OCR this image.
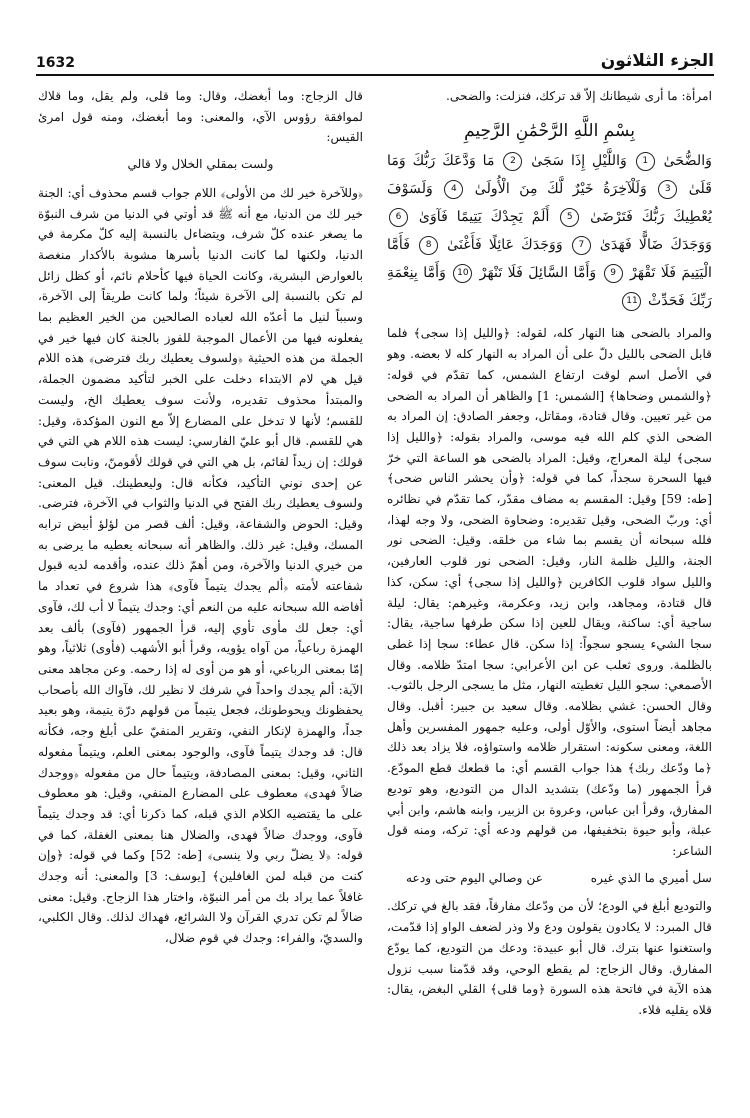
الجزء الثلاثون
1632

امرأة: ما أرى شيطانك إلاّ قد تركك، فنزلت: والضحى.

بِسْمِ اللَّهِ الرَّحْمَٰنِ الرَّحِيمِ
وَالضُّحَىٰ 1 وَاللَّيْلِ إِذَا سَجَىٰ 2 مَا وَدَّعَكَ رَبُّكَ وَمَا قَلَىٰ 3 وَلَلْآخِرَةُ خَيْرٌ لَّكَ مِنَ الْأُولَىٰ 4 وَلَسَوْفَ يُعْطِيكَ رَبُّكَ فَتَرْضَىٰ 5 أَلَمْ يَجِدْكَ يَتِيمًا فَآوَىٰ 6 وَوَجَدَكَ ضَالًّا فَهَدَىٰ 7 وَوَجَدَكَ عَائِلًا فَأَغْنَىٰ 8 فَأَمَّا الْيَتِيمَ فَلَا تَقْهَرْ 9 وَأَمَّا السَّائِلَ فَلَا تَنْهَرْ 10 وَأَمَّا بِنِعْمَةِ رَبِّكَ فَحَدِّثْ 11

والمراد بالضحى هنا النهار كله، لقوله: ﴿والليل إذا سجى﴾ فلما قابل الضحى بالليل دلّ على أن المراد به النهار كله لا بعضه. وهو في الأصل اسم لوقت ارتفاع الشمس، كما تقدّم في قوله: ﴿والشمس وضحاها﴾ [الشمس: 1] والظاهر أن المراد به الضحى من غير تعيين. وقال قتادة، ومقاتل، وجعفر الصادق: إن المراد به الضحى الذي كلم الله فيه موسى، والمراد بقوله: ﴿والليل إذا سجى﴾ ليلة المعراج، وقيل: المراد بالضحى هو الساعة التي خرّ فيها السحرة سجداً، كما في قوله: ﴿وأن يحشر الناس ضحى﴾ [طه: 59] وقيل: المقسم به مضاف مقدّر، كما تقدّم في نظائره أي: وربّ الضحى، وقيل تقديره: وضحاوة الضحى، ولا وجه لهذا، فلله سبحانه أن يقسم بما شاء من خلقه. وقيل: الضحى نور الجنة، والليل ظلمة النار، وقيل: الضحى نور قلوب العارفين، والليل سواد قلوب الكافرين ﴿والليل إذا سجى﴾ أي: سكن، كذا قال قتادة، ومجاهد، وابن زيد، وعكرمة، وغيرهم: يقال: ليلة ساجية أي: ساكنة، ويقال للعين إذا سكن طرفها ساجية، يقال: سجا الشيء يسجو سجواً: إذا سكن. قال عطاء: سجا إذا غطى بالظلمة. وروى ثعلب عن ابن الأعرابي: سجا امتدّ ظلامه. وقال الأصمعي: سجو الليل تغطيته النهار، مثل ما يسجى الرجل بالثوب. وقال الحسن: غشي بظلامه. وقال سعيد بن جبير: أقبل. وقال مجاهد أيضاً استوى، والأوّل أولى، وعليه جمهور المفسرين وأهل اللغة، ومعنى سكونه: استقرار ظلامه واستواؤه، فلا يزاد بعد ذلك ﴿ما ودّعك ربك﴾ هذا جواب القسم أي: ما قطعك قطع المودّع. قرأ الجمهور (ما ودّعك) بتشديد الدال من التوديع، وهو توديع المفارق، وقرأ ابن عباس، وعروة بن الزبير، وابنه هاشم، وابن أبي عبلة، وأبو حيوة بتخفيفها، من قولهم ودعه أي: تركه، ومنه قول الشاعر:

سل أميري ما الذي غيره
عن وصالي اليوم حتى ودعه

والتوديع أبلغ في الودع؛ لأن من ودّعك مفارقاً، فقد بالغ في تركك. قال المبرد: لا يكادون يقولون ودع ولا وذر لضعف الواو إذا قدّمت، واستغنوا عنها بترك. قال أبو عبيدة: ودعك من التوديع، كما يودّع المفارق. وقال الزجاج: لم يقطع الوحي، وقد قدّمنا سبب نزول هذه الآية في فاتحة هذه السورة ﴿وما قلى﴾ القلي البغض، يقال: قلاه يقليه قلاء.

قال الزجاج: وما أبغضك، وقال: وما قلى، ولم يقل، وما قلاك لموافقة رؤوس الآي، والمعنى: وما أبغضك، ومنه قول امرئ القيس:

ولست بمقلي الخلال ولا قالي

﴿وللآخرة خير لك من الأولى﴾ اللام جواب قسم محذوف أي: الجنة خير لك من الدنيا، مع أنه ﷺ قد أوتي في الدنيا من شرف النبوّة ما يصغر عنده كلّ شرف، ويتضاءل بالنسبة إليه كلّ مكرمة في الدنيا، ولكنها لما كانت الدنيا بأسرها مشوبة بالأكدار منغصة بالعوارض البشرية، وكانت الحياة فيها كأحلام نائم، أو كظل زائل لم تكن بالنسبة إلى الآخرة شيئاً؛ ولما كانت طريقاً إلى الآخرة، وسبباً لنيل ما أعدّه الله لعباده الصالحين من الخير العظيم بما يفعلونه فيها من الأعمال الموجبة للفوز بالجنة كان فيها خير في الجملة من هذه الحيثية ﴿ولسوف يعطيك ربك فترضى﴾ هذه اللام قيل هي لام الابتداء دخلت على الخبر لتأكيد مضمون الجملة، والمبتدأ محذوف تقديره، ولأنت سوف يعطيك الخ، وليست للقسم؛ لأنها لا تدخل على المضارع إلاّ مع النون المؤكدة، وقيل: هي للقسم. قال أبو عليّ الفارسي: ليست هذه اللام هي التي في قولك: إن زيداً لقائم، بل هي التي في قولك لأقومنّ، ونابت سوف عن إحدى نوني التأكيد، فكأنه قال: وليعطينك. قيل المعنى: ولسوف يعطيك ربك الفتح في الدنيا والثواب في الآخرة، فترضى. وقيل: الحوض والشفاعة، وقيل: ألف قصر من لؤلؤ أبيض ترابه المسك، وقيل: غير ذلك. والظاهر أنه سبحانه يعطيه ما يرضى به من خيري الدنيا والآخرة، ومن أهمّ ذلك عنده، وأقدمه لديه قبول شفاعته لأمته ﴿ألم يجدك يتيماً فآوى﴾ هذا شروع في تعداد ما أفاضه الله سبحانه عليه من النعم أي: وجدك يتيماً لا أب لك، فآوى أي: جعل لك مأوى تأوي إليه، قرأ الجمهور (فآوى) بألف بعد الهمزة رباعياً، من آواه يؤويه، وقرأ أبو الأشهب (فأوى) ثلاثياً، وهو إمّا بمعنى الرباعي، أو هو من أوى له إذا رحمه. وعن مجاهد معنى الآية: ألم يجدك واحداً في شرفك لا نظير لك، فآواك الله بأصحاب يحفظونك ويحوطونك، فجعل يتيماً من قولهم درّة يتيمة، وهو بعيد جداً، والهمزة لإنكار النفي، وتقرير المنفيّ على أبلغ وجه، فكأنه قال: قد وجدك يتيماً فآوى، والوجود بمعنى العلم، ويتيماً مفعوله الثاني، وقيل: بمعنى المصادفة، ويتيماً حال من مفعوله ﴿ووجدك ضالاً فهدى﴾ معطوف على المضارع المنفي، وقيل: هو معطوف على ما يقتضيه الكلام الذي قبله، كما ذكرنا أي: قد وجدك يتيماً فآوى، ووجدك ضالاً فهدى، والضلال هنا بمعنى الغفلة، كما في قوله: ﴿لا يضلّ ربي ولا ينسى﴾ [طه: 52] وكما في قوله: ﴿وإن كنت من قبله لمن الغافلين﴾ [يوسف: 3] والمعنى: أنه وجدك غافلاً عما يراد بك من أمر النبوّة، واختار هذا الزجاج. وقيل: معنى ضالاً لم تكن تدري القرآن ولا الشرائع، فهداك لذلك. وقال الكلبي، والسديّ، والفراء: وجدك في قوم ضلال،
